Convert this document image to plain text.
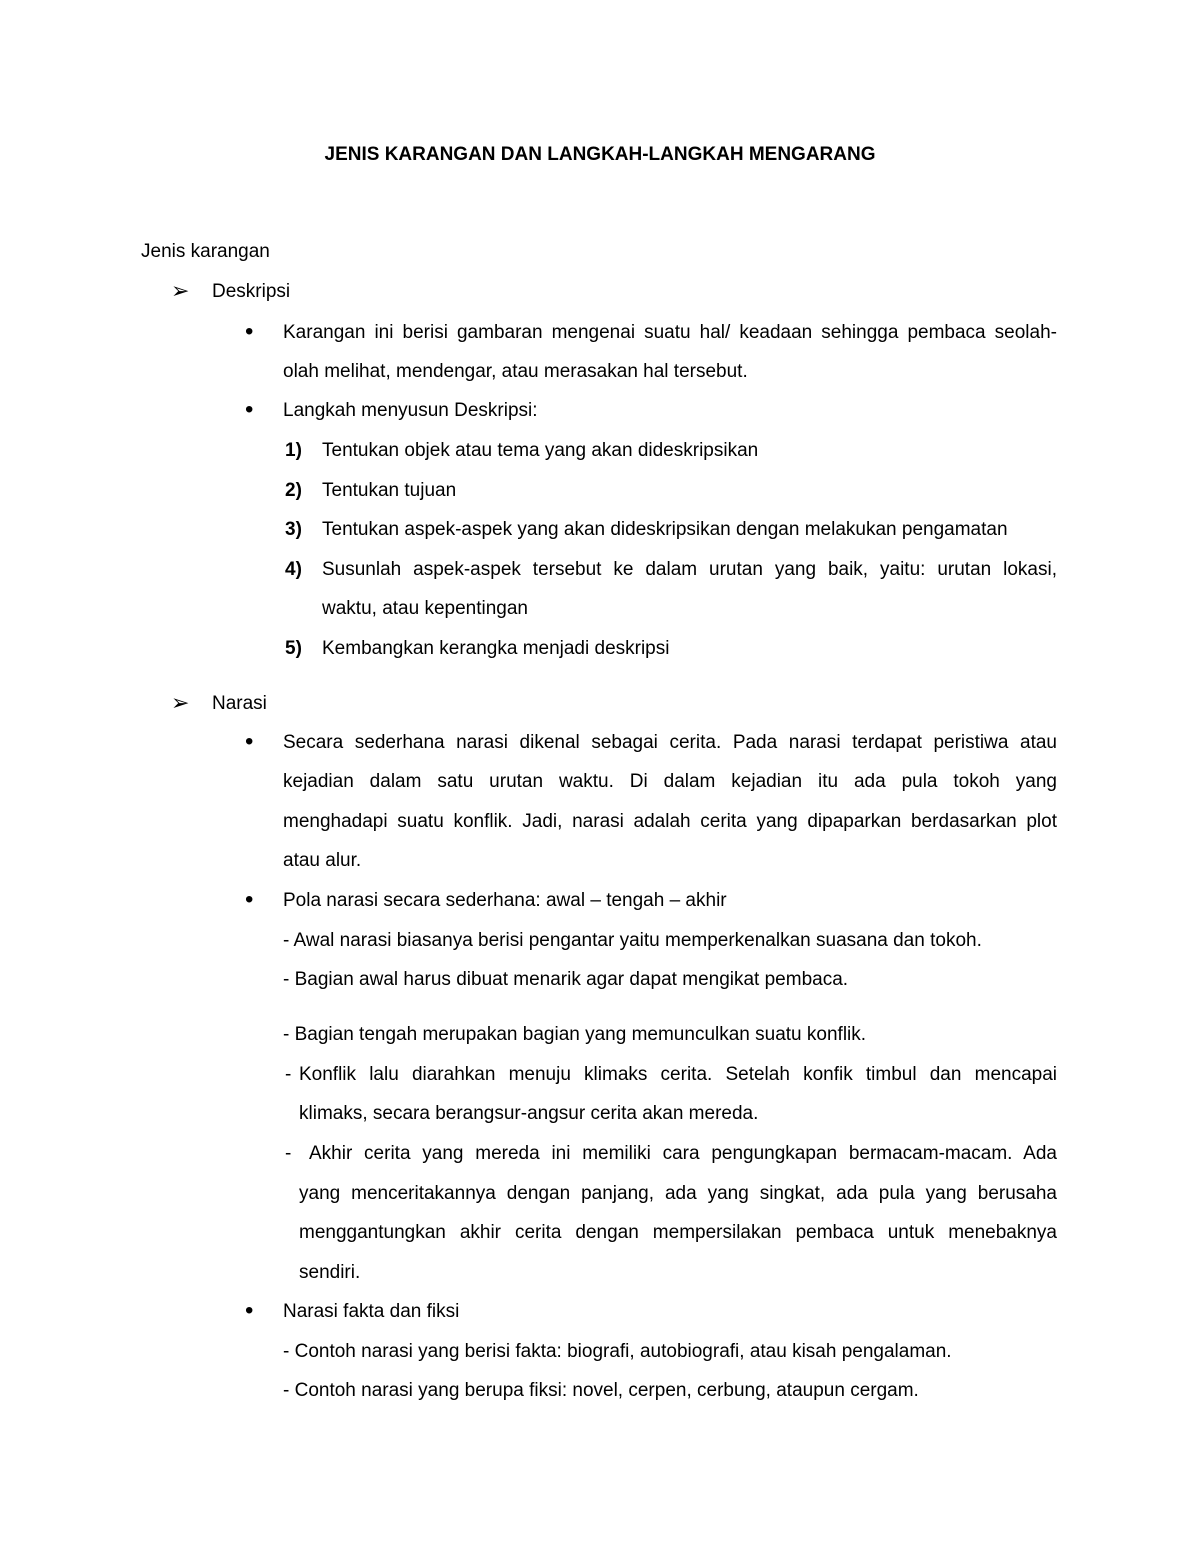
JENIS KARANGAN DAN LANGKAH-LANGKAH MENGARANG
Jenis karangan
➢ Deskripsi
• Karangan ini berisi gambaran mengenai suatu hal/ keadaan sehingga pembaca seolah-
olah melihat, mendengar, atau merasakan hal tersebut.
• Langkah menyusun Deskripsi:
1) Tentukan objek atau tema yang akan dideskripsikan
2) Tentukan tujuan
3) Tentukan aspek-aspek yang akan dideskripsikan dengan melakukan pengamatan
4) Susunlah aspek-aspek tersebut ke dalam urutan yang baik, yaitu: urutan lokasi,
waktu, atau kepentingan
5) Kembangkan kerangka menjadi deskripsi
➢ Narasi
• Secara sederhana narasi dikenal sebagai cerita. Pada narasi terdapat peristiwa atau
kejadian dalam satu urutan waktu. Di dalam kejadian itu ada pula tokoh yang
menghadapi suatu konflik. Jadi, narasi adalah cerita yang dipaparkan berdasarkan plot
atau alur.
• Pola narasi secara sederhana: awal – tengah – akhir
- Awal narasi biasanya berisi pengantar yaitu memperkenalkan suasana dan tokoh.
- Bagian awal harus dibuat menarik agar dapat mengikat pembaca.
- Bagian tengah merupakan bagian yang memunculkan suatu konflik.
- Konflik lalu diarahkan menuju klimaks cerita. Setelah konfik timbul dan mencapai
klimaks, secara berangsur-angsur cerita akan mereda.
- Akhir cerita yang mereda ini memiliki cara pengungkapan bermacam-macam. Ada
yang menceritakannya dengan panjang, ada yang singkat, ada pula yang berusaha
menggantungkan akhir cerita dengan mempersilakan pembaca untuk menebaknya
sendiri.
• Narasi fakta dan fiksi
- Contoh narasi yang berisi fakta: biografi, autobiografi, atau kisah pengalaman.
- Contoh narasi yang berupa fiksi: novel, cerpen, cerbung, ataupun cergam.
